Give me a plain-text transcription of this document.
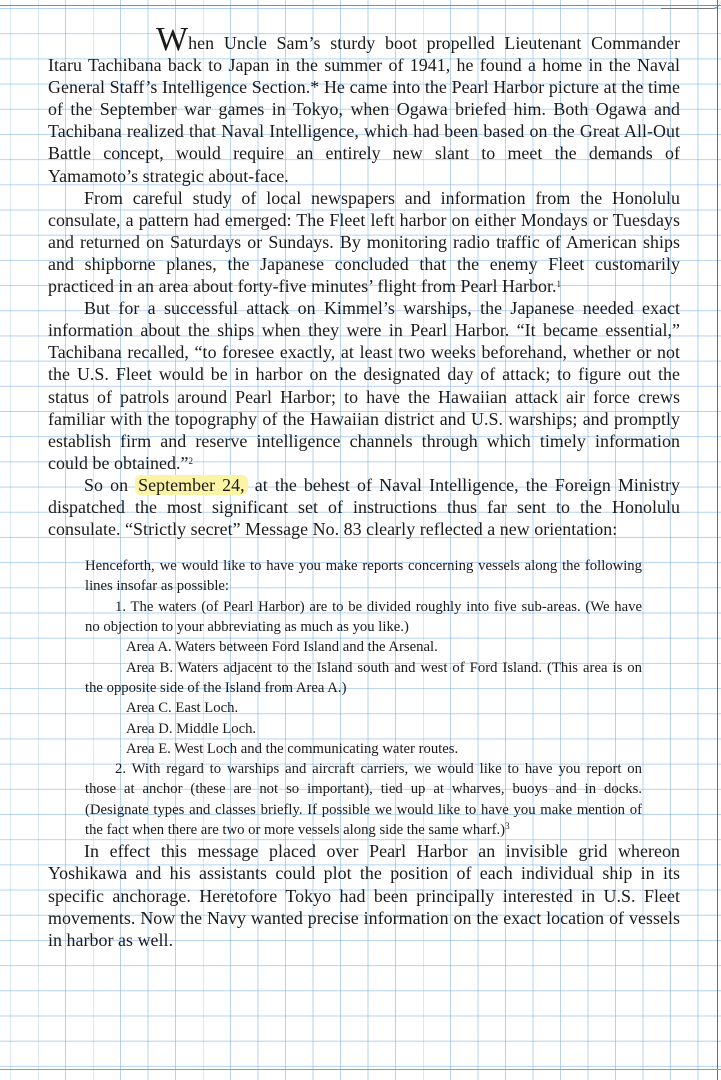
When Uncle Sam’s sturdy boot propelled Lieutenant Commander Itaru Tachibana back to Japan in the summer of 1941, he found a home in the Naval General Staff’s Intelligence Section.* He came into the Pearl Harbor picture at the time of the September war games in Tokyo, when Ogawa briefed him. Both Ogawa and Tachibana realized that Naval Intelligence, which had been based on the Great All-Out Battle concept, would require an entirely new slant to meet the demands of Yamamoto’s strategic about-face.

From careful study of local newspapers and information from the Honolulu consulate, a pattern had emerged: The Fleet left harbor on either Mondays or Tuesdays and returned on Saturdays or Sundays. By monitoring radio traffic of American ships and shipborne planes, the Japanese concluded that the enemy Fleet customarily practiced in an area about forty-five minutes’ flight from Pearl Harbor.$^1$

But for a successful attack on Kimmel’s warships, the Japanese needed exact information about the ships when they were in Pearl Harbor. “It became essential,” Tachibana recalled, “to foresee exactly, at least two weeks beforehand, whether or not the U.S. Fleet would be in harbor on the designated day of attack; to figure out the status of patrols around Pearl Harbor; to have the Hawaiian attack air force crews familiar with the topography of the Hawaiian district and U.S. warships; and promptly establish firm and reserve intelligence channels through which timely information could be obtained.”$^2$

So on September 24, at the behest of Naval Intelligence, the Foreign Ministry dispatched the most significant set of instructions thus far sent to the Honolulu consulate. “Strictly secret” Message No. 83 clearly reflected a new orientation:

Henceforth, we would like to have you make reports concerning vessels along the following lines insofar as possible:

1. The waters (of Pearl Harbor) are to be divided roughly into five sub-areas. (We have no objection to your abbreviating as much as you like.)

Area A. Waters between Ford Island and the Arsenal.

Area B. Waters adjacent to the Island south and west of Ford Island. (This area is on the opposite side of the Island from Area A.)

Area C. East Loch.

Area D. Middle Loch.

Area E. West Loch and the communicating water routes.

2. With regard to warships and aircraft carriers, we would like to have you report on those at anchor (these are not so important), tied up at wharves, buoys and in docks. (Designate types and classes briefly. If possible we would like to have you make mention of the fact when there are two or more vessels along side the same wharf.)$^3$

In effect this message placed over Pearl Harbor an invisible grid whereon Yoshikawa and his assistants could plot the position of each individual ship in its specific anchorage. Heretofore Tokyo had been principally interested in U.S. Fleet movements. Now the Navy wanted precise information on the exact location of vessels in harbor as well.
